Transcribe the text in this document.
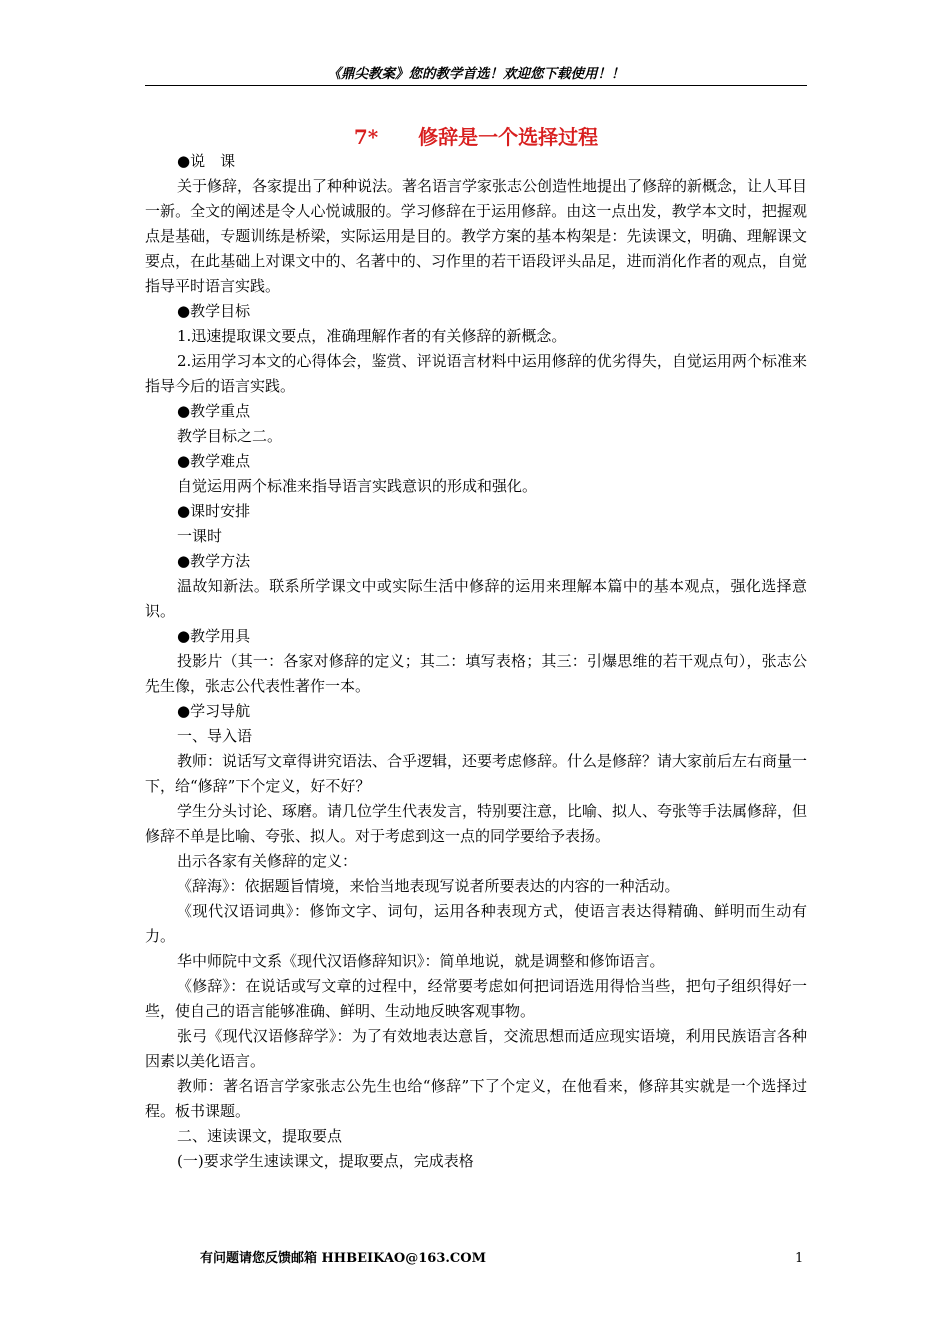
《鼎尖教案》您的教学首选！欢迎您下载使用！！
7*　　修辞是一个选择过程

●说　课

关于修辞，各家提出了种种说法。著名语言学家张志公创造性地提出了修辞的新概念，让人耳目一新。全文的阐述是令人心悦诚服的。学习修辞在于运用修辞。由这一点出发，教学本文时，把握观点是基础，专题训练是桥梁，实际运用是目的。教学方案的基本构架是：先读课文，明确、理解课文要点，在此基础上对课文中的、名著中的、习作里的若干语段评头品足，进而消化作者的观点，自觉指导平时语言实践。

●教学目标

1.迅速提取课文要点，准确理解作者的有关修辞的新概念。

2.运用学习本文的心得体会，鉴赏、评说语言材料中运用修辞的优劣得失，自觉运用两个标准来指导今后的语言实践。

●教学重点

教学目标之二。

●教学难点

自觉运用两个标准来指导语言实践意识的形成和强化。

●课时安排

一课时

●教学方法

温故知新法。联系所学课文中或实际生活中修辞的运用来理解本篇中的基本观点，强化选择意识。

●教学用具

投影片（其一：各家对修辞的定义；其二：填写表格；其三：引爆思维的若干观点句），张志公先生像，张志公代表性著作一本。

●学习导航

一、导入语

教师：说话写文章得讲究语法、合乎逻辑，还要考虑修辞。什么是修辞？请大家前后左右商量一下，给“修辞”下个定义，好不好？

学生分头讨论、琢磨。请几位学生代表发言，特别要注意，比喻、拟人、夸张等手法属修辞，但修辞不单是比喻、夸张、拟人。对于考虑到这一点的同学要给予表扬。

出示各家有关修辞的定义：

《辞海》：依据题旨情境，来恰当地表现写说者所要表达的内容的一种活动。

《现代汉语词典》：修饰文字、词句，运用各种表现方式，使语言表达得精确、鲜明而生动有力。

华中师院中文系《现代汉语修辞知识》：简单地说，就是调整和修饰语言。

《修辞》：在说话或写文章的过程中，经常要考虑如何把词语选用得恰当些，把句子组织得好一些，使自己的语言能够准确、鲜明、生动地反映客观事物。

张弓《现代汉语修辞学》：为了有效地表达意旨，交流思想而适应现实语境，利用民族语言各种因素以美化语言。

教师：著名语言学家张志公先生也给“修辞”下了个定义，在他看来，修辞其实就是一个选择过程。板书课题。

二、速读课文，提取要点

(一)要求学生速读课文，提取要点，完成表格

有问题请您反馈邮箱 HHBEIKAO@163.COM	1
